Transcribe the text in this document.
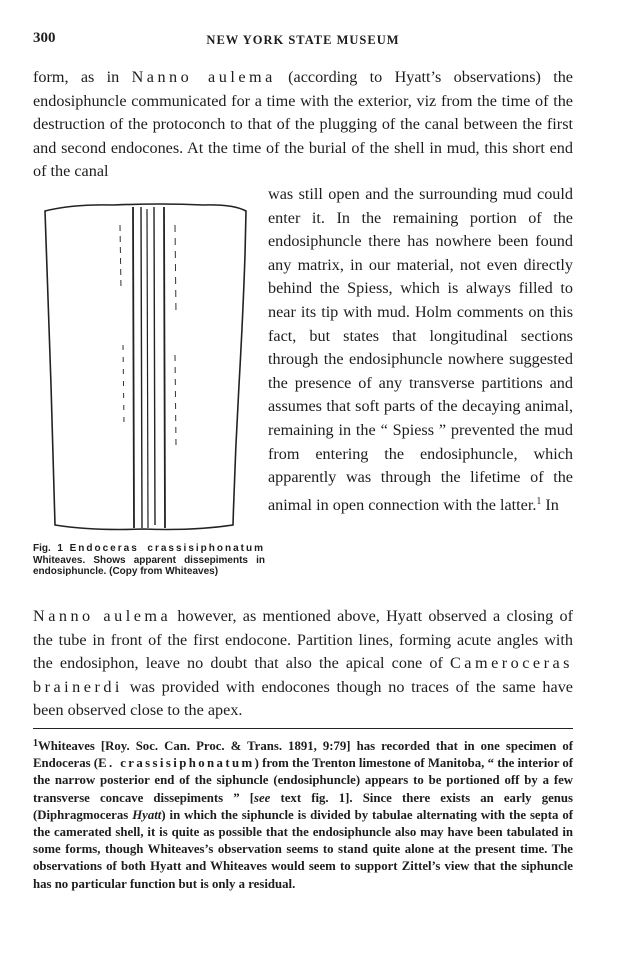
300	NEW YORK STATE MUSEUM
form, as in Nanno aulema (according to Hyatt’s observations) the endosiphuncle communicated for a time with the exterior, viz from the time of the destruction of the protoconch to that of the plugging of the canal between the first and second endocones. At the time of the burial of the shell in mud, this short end of the canal
Fig. 1 Endoceras crassisiphonatum Whiteaves. Shows apparent dissepiments in endosiphuncle. (Copy from Whiteaves)
was still open and the surrounding mud could enter it. In the remaining portion of the endosiphuncle there has nowhere been found any matrix, in our material, not even directly behind the Spiess, which is always filled to near its tip with mud. Holm comments on this fact, but states that longitudinal sections through the endosiphuncle nowhere suggested the presence of any transverse partitions and assumes that soft parts of the decaying animal, remaining in the “ Spiess ” prevented the mud from entering the endosiphuncle, which apparently was through the lifetime of the animal in open connection with the latter.$^1$ In
Nanno aulema however, as mentioned above, Hyatt observed a closing of the tube in front of the first endocone. Partition lines, forming acute angles with the endosiphon, leave no doubt that also the apical cone of Cameroceras brainerdi was provided with endocones though no traces of the same have been observed close to the apex.
$^1$Whiteaves [Roy. Soc. Can. Proc. & Trans. 1891, 9:79] has recorded that in one specimen of Endoceras (E. crassisiphonatum) from the Trenton limestone of Manitoba, “ the interior of the narrow posterior end of the siphuncle (endosiphuncle) appears to be portioned off by a few transverse concave dissepiments ” [see text fig. 1]. Since there exists an early genus (Diphragmoceras Hyatt) in which the siphuncle is divided by tabulae alternating with the septa of the camerated shell, it is quite as possible that the endosiphuncle also may have been tabulated in some forms, though Whiteaves’s observation seems to stand quite alone at the present time. The observations of both Hyatt and Whiteaves would seem to support Zittel’s view that the siphuncle has no particular function but is only a residual.
